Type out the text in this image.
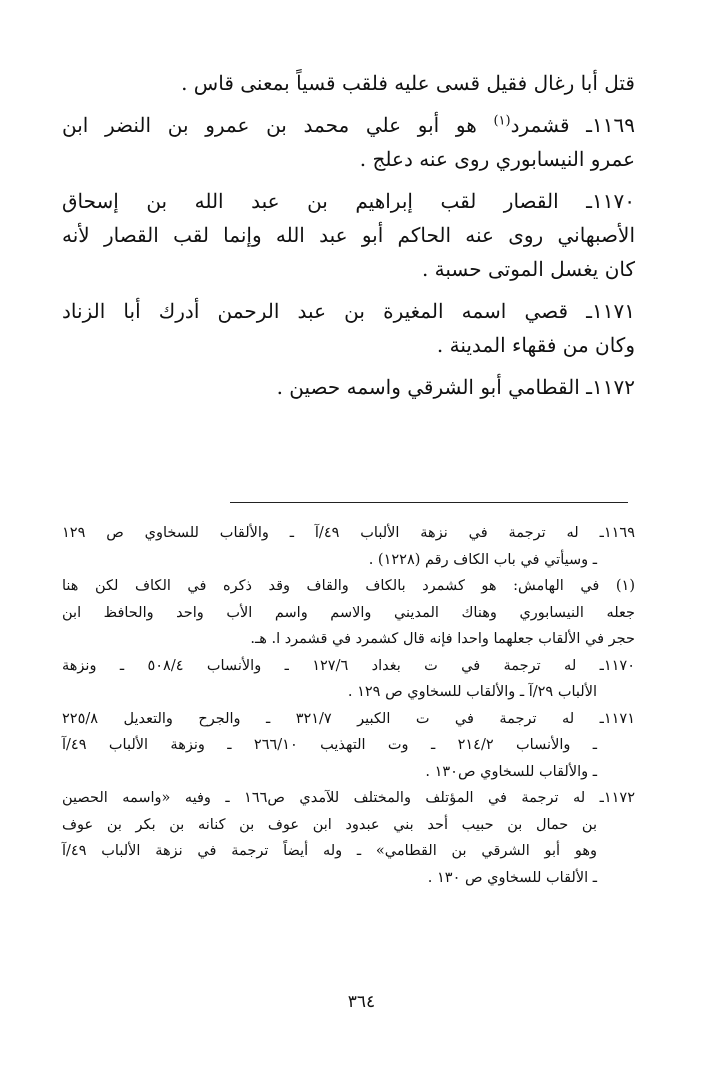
قتل أبا رغال فقيل قسى عليه فلقب قسياً بمعنى قاس .
١١٦٩ـ قشمرد$^{(١)}$ هو أبو علي محمد بن عمرو بن النضر ابن
عمرو النيسابوري روى عنه دعلج .
١١٧٠ـ القصار لقب إبراهيم بن عبد الله بن إسحاق
الأصبهاني روى عنه الحاكم أبو عبد الله وإنما لقب القصار لأنه
كان يغسل الموتى حسبة .
١١٧١ـ قصي اسمه المغيرة بن عبد الرحمن أدرك أبا الزناد
وكان من فقهاء المدينة .
١١٧٢ـ القطامي أبو الشرقي واسمه حصين .
١١٦٩ـ له ترجمة في نزهة الألباب ٤٩/آ ـ والألقاب للسخاوي ص ١٢٩
ـ وسيأتي في باب الكاف رقم (١٢٢٨) .
(١) في الهامش: هو كشمرد بالكاف والقاف وقد ذكره في الكاف لكن هنا
جعله النيسابوري وهناك المديني والاسم واسم الأب واحد والحافظ ابن
حجر في الألقاب جعلهما واحدا فإنه قال كشمرد في قشمرد ا. هـ.
١١٧٠ـ له ترجمة في ت بغداد ١٢٧/٦ ـ والأنساب ٥٠٨/٤ ـ ونزهة
الألباب ٢٩/آ ـ والألقاب للسخاوي ص ١٢٩ .
١١٧١ـ له ترجمة في ت الكبير ٣٢١/٧ ـ والجرح والتعديل ٢٢٥/٨
ـ والأنساب ٢١٤/٢ ـ وت التهذيب ٢٦٦/١٠ ـ ونزهة الألباب ٤٩/آ
ـ والألقاب للسخاوي ص١٣٠ .
١١٧٢ـ له ترجمة في المؤتلف والمختلف للآمدي ص١٦٦ ـ وفيه «واسمه الحصين
بن حمال بن حبيب أحد بني عبدود ابن عوف بن كنانه بن بكر بن عوف
وهو أبو الشرقي بن القطامي» ـ وله أيضاً ترجمة في نزهة الألباب ٤٩/آ
ـ الألقاب للسخاوي ص ١٣٠ .
٣٦٤
